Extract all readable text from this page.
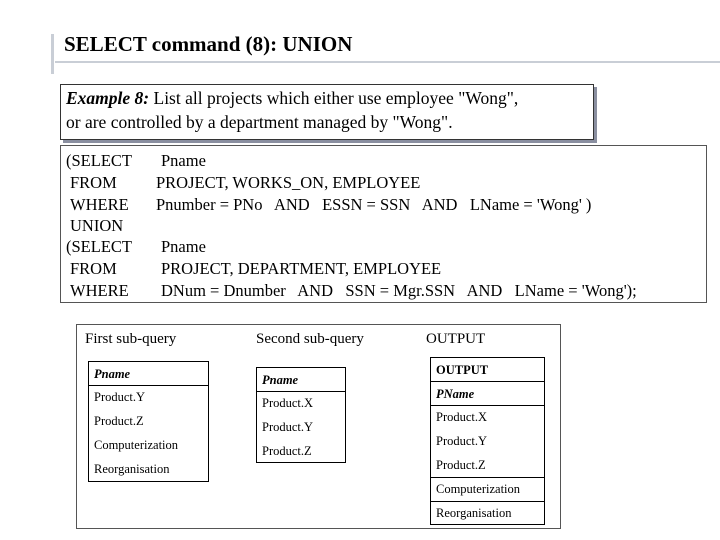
SELECT command (8): UNION
Example 8: List all projects which either use employee "Wong",
or are controlled by a department managed by "Wong".
(SELECT Pname
FROM PROJECT, WORKS_ON, EMPLOYEE
WHERE Pnumber = PNo   AND   ESSN = SSN   AND   LName = 'Wong' )
UNION
(SELECT Pname
FROM	PROJECT, DEPARTMENT, EMPLOYEE
WHERE DNum = Dnumber   AND   SSN = Mgr.SSN   AND   LName = 'Wong');
First sub-query	Second sub-query	OUTPUT
Pname
Product.Y
Product.Z
Computerization
Reorganisation
Pname
Product.X
Product.Y
Product.Z
OUTPUT
PName
Product.X
Product.Y
Product.Z
Computerization
Reorganisation
